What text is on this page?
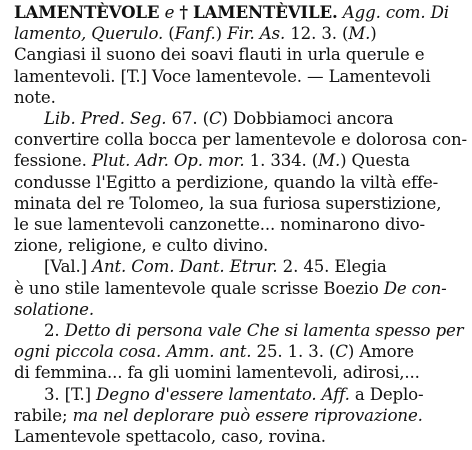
LAMENTÈVOLE e † LAMENTÈVILE. Agg. com. Di
lamento, Querulo. (Fanf.) Fir. As. 12. 3. (M.)
Cangiasi il suono dei soavi flauti in urla querule e
lamentevoli. [T.] Voce lamentevole. — Lamentevoli
note.
Lib. Pred. Seg. 67. (C) Dobbiamoci ancora
convertire colla bocca per lamentevole e dolorosa con-
fessione. Plut. Adr. Op. mor. 1. 334. (M.) Questa
condusse l'Egitto a perdizione, quando la viltà effe-
minata del re Tolomeo, la sua furiosa superstizione,
le sue lamentevoli canzonette... nominarono divo-
zione, religione, e culto divino.
[Val.] Ant. Com. Dant. Etrur. 2. 45. Elegia
è uno stile lamentevole quale scrisse Boezio De con-
solatione.
2. Detto di persona vale Che si lamenta spesso per
ogni piccola cosa. Amm. ant. 25. 1. 3. (C) Amore
di femmina... fa gli uomini lamentevoli, adirosi,...
3. [T.] Degno d'essere lamentato. Aff. a Deplo-
rabile; ma nel deplorare può essere riprovazione.
Lamentevole spettacolo, caso, rovina.
